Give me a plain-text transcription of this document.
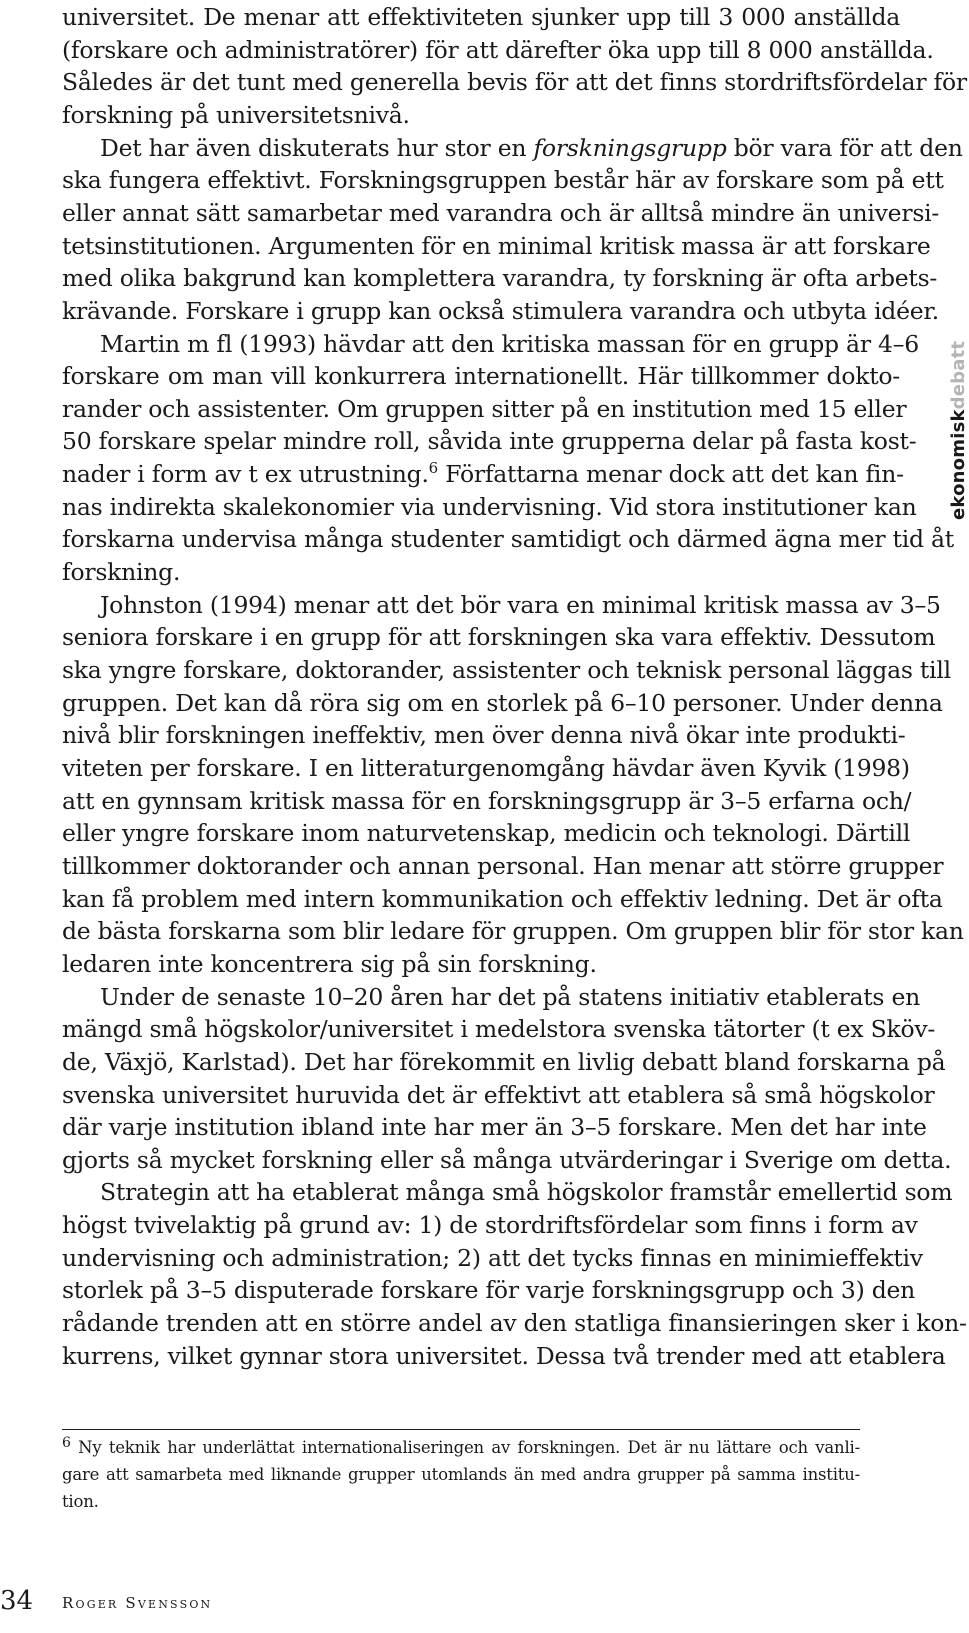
universitet. De menar att effektiviteten sjunker upp till 3 000 anställda
(forskare och administratörer) för att därefter öka upp till 8 000 anställda.
Således är det tunt med generella bevis för att det finns stordriftsfördelar för
forskning på universitetsnivå.
Det har även diskuterats hur stor en forskningsgrupp bör vara för att den
ska fungera effektivt. Forskningsgruppen består här av forskare som på ett
eller annat sätt samarbetar med varandra och är alltså mindre än universi-
tetsinstitutionen. Argumenten för en minimal kritisk massa är att forskare
med olika bakgrund kan komplettera varandra, ty forskning är ofta arbets-
krävande. Forskare i grupp kan också stimulera varandra och utbyta idéer.
Martin m fl (1993) hävdar att den kritiska massan för en grupp är 4–6
forskare om man vill konkurrera internationellt. Här tillkommer dokto-
rander och assistenter. Om gruppen sitter på en institution med 15 eller
50 forskare spelar mindre roll, såvida inte grupperna delar på fasta kost-
nader i form av t ex utrustning.$^6$ Författarna menar dock att det kan fin-
nas indirekta skalekonomier via undervisning. Vid stora institutioner kan
forskarna undervisa många studenter samtidigt och därmed ägna mer tid åt
forskning.
Johnston (1994) menar att det bör vara en minimal kritisk massa av 3–5
seniora forskare i en grupp för att forskningen ska vara effektiv. Dessutom
ska yngre forskare, doktorander, assistenter och teknisk personal läggas till
gruppen. Det kan då röra sig om en storlek på 6–10 personer. Under denna
nivå blir forskningen ineffektiv, men över denna nivå ökar inte produkti-
viteten per forskare. I en litteraturgenomgång hävdar även Kyvik (1998)
att en gynnsam kritisk massa för en forskningsgrupp är 3–5 erfarna och/
eller yngre forskare inom naturvetenskap, medicin och teknologi. Därtill
tillkommer doktorander och annan personal. Han menar att större grupper
kan få problem med intern kommunikation och effektiv ledning. Det är ofta
de bästa forskarna som blir ledare för gruppen. Om gruppen blir för stor kan
ledaren inte koncentrera sig på sin forskning.
Under de senaste 10–20 åren har det på statens initiativ etablerats en
mängd små högskolor/universitet i medelstora svenska tätorter (t ex Sköv-
de, Växjö, Karlstad). Det har förekommit en livlig debatt bland forskarna på
svenska universitet huruvida det är effektivt att etablera så små högskolor
där varje institution ibland inte har mer än 3–5 forskare. Men det har inte
gjorts så mycket forskning eller så många utvärderingar i Sverige om detta.
Strategin att ha etablerat många små högskolor framstår emellertid som
högst tvivelaktig på grund av: 1) de stordriftsfördelar som finns i form av
undervisning och administration; 2) att det tycks finnas en minimieffektiv
storlek på 3–5 disputerade forskare för varje forskningsgrupp och 3) den
rådande trenden att en större andel av den statliga finansieringen sker i kon-
kurrens, vilket gynnar stora universitet. Dessa två trender med att etablera
ekonomiskdebatt
$^6$ Ny teknik har underlättat internationaliseringen av forskningen. Det är nu lättare och vanli-
gare att samarbeta med liknande grupper utomlands än med andra grupper på samma institu-
tion.
34 Roger Svensson
